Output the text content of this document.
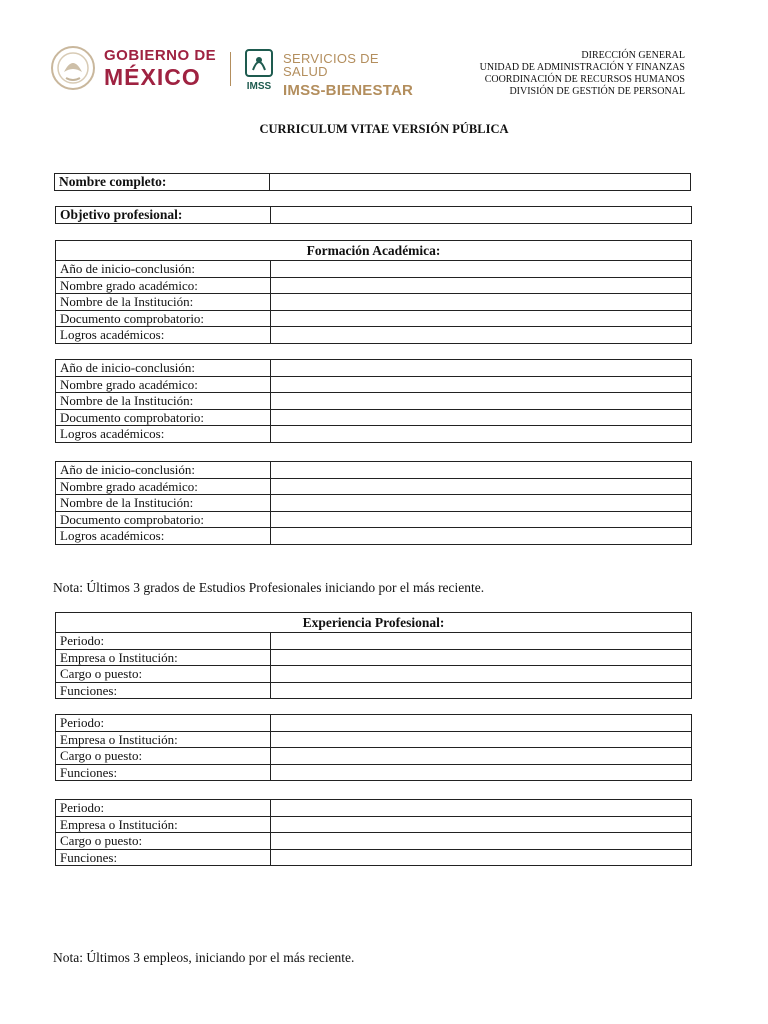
GOBIERNO DE
MÉXICO	IMSS
SERVICIOS DE SALUD
IMSS-BIENESTAR
DIRECCIÓN GENERAL
UNIDAD DE ADMINISTRACIÓN Y FINANZAS
COORDINACIÓN DE RECURSOS HUMANOS
DIVISIÓN DE GESTIÓN DE PERSONAL
CURRICULUM VITAE VERSIÓN PÚBLICA
Nombre completo:	
Objetivo profesional:	
Formación Académica:	
Año de inicio-conclusión:	
Nombre grado académico:	
Nombre de la Institución:	
Documento comprobatorio:	
Logros académicos:	
Año de inicio-conclusión:	
Nombre grado académico:	
Nombre de la Institución:	
Documento comprobatorio:	
Logros académicos:	
Año de inicio-conclusión:	
Nombre grado académico:	
Nombre de la Institución:	
Documento comprobatorio:	
Logros académicos:	
Nota: Últimos 3 grados de Estudios Profesionales iniciando por el más reciente.
Experiencia Profesional:	
Periodo:	
Empresa o Institución:	
Cargo o puesto:	
Funciones:	
Periodo:	
Empresa o Institución:	
Cargo o puesto:	
Funciones:	
Periodo:	
Empresa o Institución:	
Cargo o puesto:	
Funciones:	
Nota: Últimos 3 empleos, iniciando por el más reciente.
